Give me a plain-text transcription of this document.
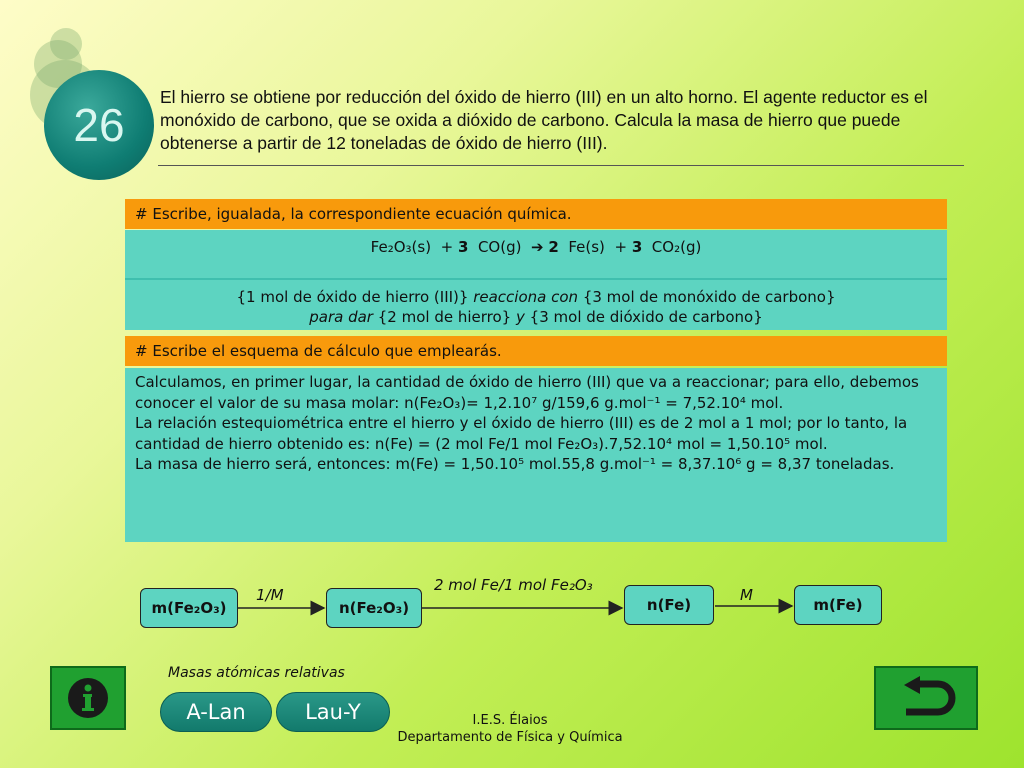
26

El hierro se obtiene por reducción del óxido de hierro (III) en un alto horno. El agente reductor es el monóxido de carbono, que se oxida a dióxido de carbono. Calcula la masa de hierro que puede obtenerse a partir de 12 toneladas de óxido de hierro (III).

# Escribe, igualada, la correspondiente ecuación química.
Fe₂O₃(s) + 3 CO(g) ➔ 2 Fe(s) + 3 CO₂(g)
{1 mol de óxido de hierro (III)} reacciona con {3 mol de monóxido de carbono}
para dar {2 mol de hierro} y {3 mol de dióxido de carbono}
# Escribe el esquema de cálculo que emplearás.
Calculamos, en primer lugar, la cantidad de óxido de hierro (III) que va a reaccionar; para ello, debemos conocer el valor de su masa molar: n(Fe₂O₃)= 1,2.10⁷ g/159,6 g.mol⁻¹ = 7,52.10⁴ mol.
La relación estequiométrica entre el hierro y el óxido de hierro (III) es de 2 mol a 1 mol; por lo tanto, la cantidad de hierro obtenido es: n(Fe) = (2 mol Fe/1 mol Fe₂O₃).7,52.10⁴ mol = 1,50.10⁵ mol.
La masa de hierro será, entonces: m(Fe) = 1,50.10⁵ mol.55,8 g.mol⁻¹ = 8,37.10⁶ g = 8,37 toneladas.
m(Fe₂O₃)	n(Fe₂O₃)	n(Fe)	m(Fe)
1/M
2 mol Fe/1 mol Fe₂O₃
M
Masas atómicas relativas
A-Lan	Lau-Y	I.E.S. Élaios
Departamento de Física y Química
